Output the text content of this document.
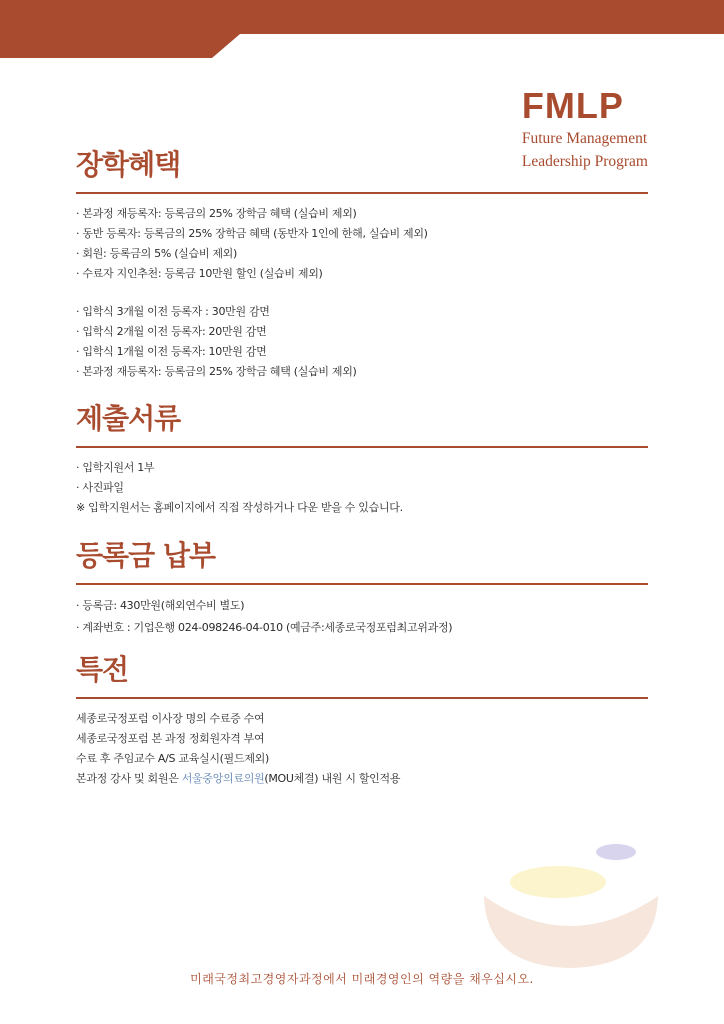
FMLP
Future Management
Leadership Program
장학혜택
· 본과정 재등록자: 등록금의 25% 장학금 혜택 (실습비 제외)
· 동반 등록자: 등록금의 25% 장학금 혜택 (동반자 1인에 한해, 실습비 제외)
· 회원: 등록금의 5% (실습비 제외)
· 수료자 지인추천: 등록금 10만원 할인 (실습비 제외)
· 입학식 3개월 이전 등록자 : 30만원 감면
· 입학식 2개월 이전 등록자: 20만원 감면
· 입학식 1개월 이전 등록자: 10만원 감면
· 본과정 재등록자: 등록금의 25% 장학금 혜택 (실습비 제외)
제출서류
· 입학지원서 1부
· 사진파일
※ 입학지원서는 홈페이지에서 직접 작성하거나 다운 받을 수 있습니다.
등록금 납부
· 등록금: 430만원(해외연수비 별도)
· 계좌번호 : 기업은행 024-098246-04-010 (예금주:세종로국정포럼최고위과정)
특전
세종로국정포럼 이사장 명의 수료증 수여
세종로국정포럼 본 과정 정회원자격 부여
수료 후 주임교수 A/S 교육실시(필드제외)
본과정 강사 및 회원은 서울중앙의료의원(MOU체결) 내원 시 할인적용
미래국정최고경영자과정에서 미래경영인의 역량을 채우십시오.
